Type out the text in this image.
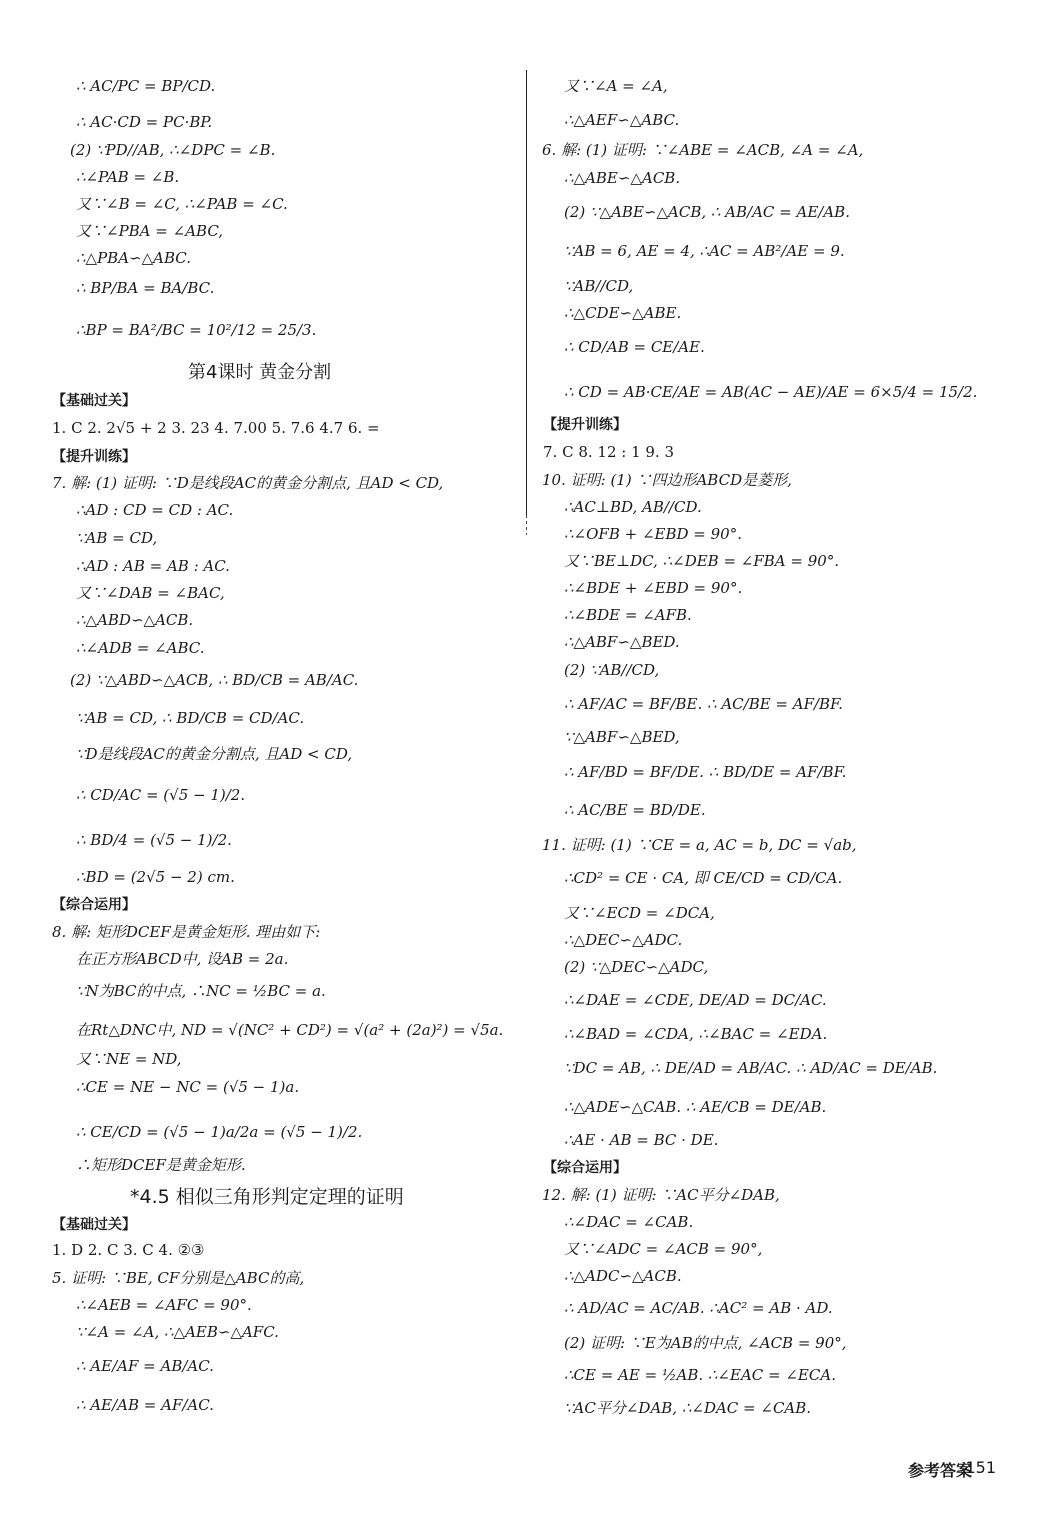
∴ AC/PC = BP/CD.
∴ AC·CD = PC·BP.
(2) ∵PD//AB, ∴∠DPC = ∠B.
∴∠PAB = ∠B.
又∵∠B = ∠C, ∴∠PAB = ∠C.
又∵∠PBA = ∠ABC,
∴△PBA∽△ABC.
∴ BP/BA = BA/BC.
∴BP = BA²/BC = 10²/12 = 25/3.
7. 解: (1) 证明: ∵D是线段AC的黄金分割点, 且AD < CD,
∴AD : CD = CD : AC.
∵AB = CD,
∴AD : AB = AB : AC.
又∵∠DAB = ∠BAC,
∴△ABD∽△ACB.
∴∠ADB = ∠ABC.
(2) ∵△ABD∽△ACB, ∴ BD/CB = AB/AC.
∵AB = CD, ∴ BD/CB = CD/AC.
∵D是线段AC的黄金分割点, 且AD < CD,
∴ CD/AC = (√5 − 1)/2.
∴ BD/4 = (√5 − 1)/2.
∴BD = (2√5 − 2) cm.
8. 解: 矩形DCEF是黄金矩形. 理由如下:
在正方形ABCD中, 设AB = 2a.
∵N为BC的中点, ∴NC = ½BC = a.
在Rt△DNC中, ND = √(NC² + CD²) = √(a² + (2a)²) = √5a.
又∵NE = ND,
∴CE = NE − NC = (√5 − 1)a.
∴ CE/CD = (√5 − 1)a/2a = (√5 − 1)/2.
∴矩形DCEF是黄金矩形.
5. 证明: ∵BE, CF分别是△ABC的高,
∴∠AEB = ∠AFC = 90°.
∵∠A = ∠A, ∴△AEB∽△AFC.
∴ AE/AF = AB/AC.
∴ AE/AB = AF/AC.
又∵∠A = ∠A,
∴△AEF∽△ABC.
6. 解: (1) 证明: ∵∠ABE = ∠ACB, ∠A = ∠A,
∴△ABE∽△ACB.
(2) ∵△ABE∽△ACB, ∴ AB/AC = AE/AB.
∵AB = 6, AE = 4, ∴AC = AB²/AE = 9.
∵AB//CD,
∴△CDE∽△ABE.
∴ CD/AB = CE/AE.
∴ CD = AB·CE/AE = AB(AC − AE)/AE = 6×5/4 = 15/2.
10. 证明: (1) ∵四边形ABCD是菱形,
∴AC⊥BD, AB//CD.
∴∠OFB + ∠EBD = 90°.
又∵BE⊥DC, ∴∠DEB = ∠FBA = 90°.
∴∠BDE + ∠EBD = 90°.
∴∠BDE = ∠AFB.
∴△ABF∽△BED.
(2) ∵AB//CD,
∴ AF/AC = BF/BE. ∴ AC/BE = AF/BF.
∵△ABF∽△BED,
∴ AF/BD = BF/DE. ∴ BD/DE = AF/BF.
∴ AC/BE = BD/DE.
11. 证明: (1) ∵CE = a, AC = b, DC = √ab,
∴CD² = CE · CA, 即 CE/CD = CD/CA.
又∵∠ECD = ∠DCA,
∴△DEC∽△ADC.
(2) ∵△DEC∽△ADC,
∴∠DAE = ∠CDE, DE/AD = DC/AC.
∴∠BAD = ∠CDA, ∴∠BAC = ∠EDA.
∵DC = AB, ∴ DE/AD = AB/AC. ∴ AD/AC = DE/AB.
∴△ADE∽△CAB. ∴ AE/CB = DE/AB.
∴AE · AB = BC · DE.
12. 解: (1) 证明: ∵AC平分∠DAB,
∴∠DAC = ∠CAB.
又∵∠ADC = ∠ACB = 90°,
∴△ADC∽△ACB.
∴ AD/AC = AC/AB. ∴AC² = AB · AD.
(2) 证明: ∵E为AB的中点, ∠ACB = 90°,
∴CE = AE = ½AB. ∴∠EAC = ∠ECA.
∵AC平分∠DAB, ∴∠DAC = ∠CAB.
第4课时 黄金分割
【基础过关】
1. C 2. 2√5 + 2 3. 23 4. 7.00 5. 7.6 4.7 6. =
【提升训练】
【综合运用】
*4.5 相似三角形判定定理的证明
【基础过关】
1. D 2. C 3. C 4. ②③
【提升训练】
7. C 8. 12 : 1 9. 3
【综合运用】
参考答案
151
